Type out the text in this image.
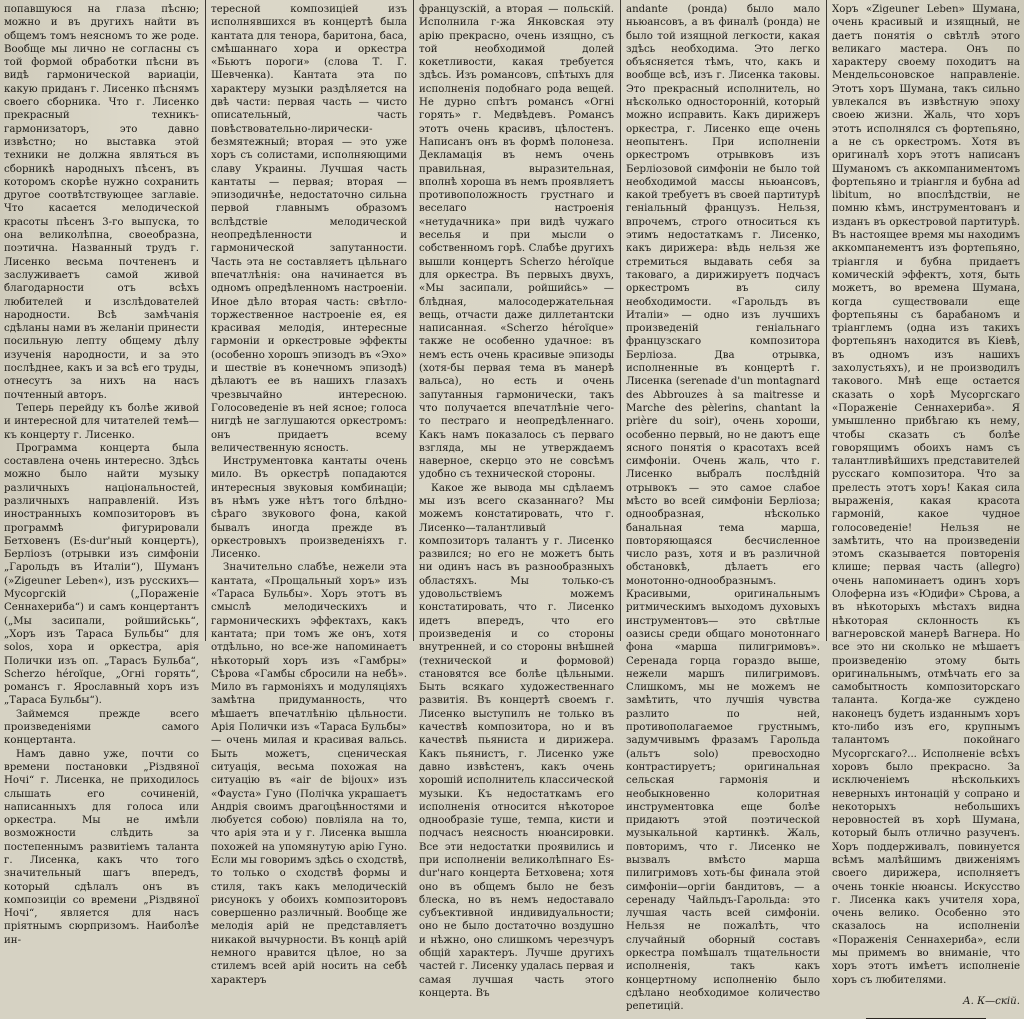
попавшуюся на глаза пѣсню; можно и въ другихъ найти въ общемъ томъ неясномъ то же роде. Вообще мы лично не согласны съ той формой обработки пѣсни въ видѣ гармонической вариаціи, какую приданъ г. Лисенко пѣснямъ своего сборника. Что г. Лисенко прекрасный техникъ-гармонизаторъ, это давно извѣстно; но выставка этой техники не должна являться въ сборникѣ народныхъ пѣсенъ, въ которомъ скорѣе нужно сохранить другое соотвѣтствующее заглавіе. Что касается мелодической красоты пѣсенъ 3-го выпуска, то она великолѣпна, своеобразна, поэтична. Названный трудъ г. Лисенко весьма почтененъ и заслуживаетъ самой живой благодарности отъ всѣхъ любителей и изслѣдователей народности. Всѣ замѣчанія сдѣланы нами въ желаніи принести посильную лепту общему дѣлу изученія народности, и за это послѣднее, какъ и за всѣ его труды, отнесутъ за нихъ на насъ почтенный авторъ.

Теперь перейду къ болѣе живой и интересной для читателей темѣ—къ концерту г. Лисенко.

Программа концерта была составлена очень интересно. Здѣсь можно было найти музыку различныхъ національностей, различныхъ направленій. Изъ иностранныхъ композиторовъ въ программѣ фигурировали Бетховенъ (Es-dur'ный концертъ), Берліозъ (отрывки изъ симфоніи „Гарольдъ въ Италіи“), Шуманъ (»Zigeuner Leben«), изъ русскихъ—Мусоргскій („Пораженіе Сеннахериба“) и самъ концертантъ („Мы засипали, ройшийськь“, „Хоръ изъ Тараса Бульбы“ для solos, хора и оркестра, арія Полички изъ оп. „Тарасъ Бульба“, Scherzo héroïque, „Огні горять“, романсъ г. Ярославный хоръ изъ „Тараса Бульбы“).

Займемся прежде всего произведеніями самого концертанта.

Намъ давно уже, почти со времени постановки „Різдвяної Ночі“ г. Лисенка, не приходилось слышать его сочиненій, написанныхъ для голоса или оркестра. Мы не имѣли возможности слѣдить за постепеннымъ развитіемъ таланта г. Лисенка, какъ что того значительный шагъ впередъ, который сдѣлалъ онъ въ композиціи со времени „Різдвяної Ночі“, является для насъ пріятнымъ сюрпризомъ. Наиболѣе ин-

тересной композиціей изъ исполнявшихся въ концертѣ была кантата для тенора, баритона, баса, смѣшаннаго хора и оркестра «Бьютъ пороги» (слова Т. Г. Шевченка). Кантата эта по характеру музыки раздѣляется на двѣ части: первая часть — чисто описательный, часть повѣствовательно-лирически-безмятежный; вторая — это уже хоръ съ солистами, исполняющими славу Украины. Лучшая часть кантаты — первая; вторая — эпизодичнѣе, недостаточно сильна первой главнымъ образомъ вслѣдствіе мелодической неопредѣленности и гармонической запутанности. Часть эта не составляетъ цѣльнаго впечатлѣнія: она начинается въ одномъ опредѣленномъ настроеніи. Иное дѣло вторая часть: свѣтло-торжественное настроеніе ея, ея красивая мелодія, интересные гармоніи и оркестровые эффекты (особенно хорошъ эпизодъ въ «Эхо» и шествіе въ конечномъ эпизодѣ) дѣлаютъ ее въ нашихъ глазахъ чрезвычайно интересною. Голосоведеніе въ ней ясное; голоса нигдѣ не заглушаются оркестромъ: онъ придаетъ всему величественную ясность.

Инструментовка кантаты очень мило. Въ оркестрѣ попадаются интересныя звуковыя комбинаціи; въ нѣмъ уже нѣтъ того блѣдно-сѣраго звукового фона, какой бывалъ иногда прежде въ оркестровыхъ произведеніяхъ г. Лисенко.

Значительно слабѣе, нежели эта кантата, «Прощальный хоръ» изъ «Тараса Бульбы». Хоръ этотъ въ смыслѣ мелодическихъ и гармоническихъ эффектахъ, какъ кантата; при томъ же онъ, хотя отдѣльно, но все-же напоминаетъ нѣкоторый хоръ изъ «Гамбры» Сѣрова «Гамбы сбросили на небѣ». Мило въ гармоніяхъ и модуляціяхъ замѣтна придуманность, что мѣшаетъ впечатлѣнію цѣльности. Арія Полички изъ «Тараса Бульбы» — очень милая и красивая вальсь. Быть можетъ, сценическая ситуація, весьма похожая на ситуацію въ «air de bijoux» изъ «Фауста» Гуно (Полічка украшаетъ Андрія своимъ драгоцѣнностями и любуется собою) повліяла на то, что арія эта и у г. Лисенка вышла похожей на упомянутую арію Гуно. Если мы говоримъ здѣсь о сходствѣ, то только о сходствѣ формы и стиля, такъ какъ мелодическій рисунокъ у обоихъ композиторовъ совершенно различный. Вообще же мелодія арій не представляетъ никакой вычурности. Въ концѣ арій немного нравится цѣлое, но за стилемъ всей арій носить на себѣ характеръ

французскій, а вторая — польскій. Исполнила г-жа Янковская эту арію прекрасно, очень изящно, съ той необходимой долей кокетливости, какая требуется здѣсь. Изъ романсовъ, спѣтыхъ для исполненія подобнаго рода вещей. Не дурно спѣтъ романсъ «Огні горять» г. Медвѣдевъ. Романсъ этотъ очень красивъ, цѣлостенъ. Написанъ онъ въ формѣ полонеза. Декламація въ немъ очень правильная, выразительная, вполнѣ хороша въ немъ проявляетъ противоположность грустнаго и веселаго настроенія «нетудачника» при видѣ чужаго веселья и при мысли о собственномъ горѣ. Слабѣе другихъ вышли концертъ Scherzo héroïque для оркестра. Въ первыхъ двухъ, «Мы засипали, ройшийсь» — блѣдная, малосодержательная вещь, отчасти даже диллетантски написанная. «Scherzo héroïque» также не особенно удачное: въ немъ есть очень красивые эпизоды (хотя-бы первая тема въ манерѣ вальса), но есть и очень запутанныя гармонически, такъ что получается впечатлѣніе чего-то пестраго и неопредѣленнаго. Какъ намъ показалось съ перваго взгляда, мы не утверждаемъ наверное, скерцо это не совсѣмъ удобно съ технической стороны.

Какое же вывода мы сдѣлаемъ мы изъ всего сказаннаго? Мы можемъ констатировать, что г. Лисенко—талантливый композиторъ талантъ у г. Лисенко развился; но его не можетъ быть ни одинъ насъ въ разнообразныхъ областяхъ. Мы только-съ удовольствіемъ можемъ констатировать, что г. Лисенко идетъ впередъ, что его произведенія и со стороны внутренней, и со стороны внѣшней (технической и формовой) становятся все болѣе цѣльными. Быть всякаго художественнаго развитія. Въ концертѣ своемъ г. Лисенко выступилъ не только въ качествѣ композитора, но и въ качествѣ пьяниста и дирижера. Какъ пьянистъ, г. Лисенко уже давно извѣстенъ, какъ очень хорошій исполнитель классической музыки. Къ недостаткамъ его исполненія относится нѣкоторое однообразіе туше, темпа, кисти и подчасъ неясность нюансировки. Все эти недостатки проявились и при исполненіи великолѣпнаго Es-dur'наго концерта Бетховена; хотя оно въ общемъ было не безъ блеска, но въ немъ недоставало субъективной индивидуальности; оно не было достаточно воздушно и нѣжно, оно слишкомъ черезчуръ общій характеръ. Лучше другихъ частей г. Лисенку удалась первая и самая лучшая часть этого концерта. Въ

andante (ронда) было мало ньюансовъ, а въ финалѣ (ронда) не было той изящной легкости, какая здѣсь необходима. Это легко объясняется тѣмъ, что, какъ и вообще всѣ, изъ г. Лисенка таковы. Это прекрасный исполнитель, но нѣсколько односторонній, который можно исправить. Какъ дирижеръ оркестра, г. Лисенко еще очень неопытенъ. При исполненіи оркестромъ отрывковъ изъ Берліозовой симфоніи не было той необходимой массы ньюансовъ, какой требуетъ въ своей партитурѣ геніальный французъ. Нельзя, впрочемъ, строго относиться къ этимъ недостаткамъ г. Лисенко, какъ дирижера: вѣдь нельзя же стремиться выдавать себя за таковаго, а дирижируетъ подчасъ оркестромъ въ силу необходимости. «Гарольдъ въ Италіи» — одно изъ лучшихъ произведеній геніальнаго французскаго композитора Берліоза. Два отрывка, исполненные въ концертѣ г. Лисенка (serenade d'un montagnard des Abbrouzes à sa maitresse и Marche des pèlerins, chantant la prière du soir), очень хороши, особенно первый, но не даютъ еще ясного понятія о красотахъ всей симфоніи. Очень жаль, что г. Лисенко выбралъ послѣдній отрывокъ — это самое слабое мѣсто во всей симфоніи Берліоза; однообразная, нѣсколько банальная тема марша, повторяющаяся бесчисленное число разъ, хотя и въ различной обстановкѣ, дѣлаетъ его монотонно-однообразнымъ. Красивыми, оригинальнымъ ритмическимъ выходомъ духовыхъ инструментовъ— это свѣтлые оазисы среди общаго монотоннаго фона «марша пилигримовъ». Серенада горца гораздо выше, нежели маршъ пилигримовъ. Слишкомъ, мы не можемъ не замѣтить, что лучшія чувства разлито по ней, противополагаемое грустнымъ, задумчивымъ фразамъ Гарольда (альтъ solo) превосходно контрастируетъ; оригинальная сельская гармонія и необыкновенно колоритная инструментовка еще болѣе придаютъ этой поэтической музыкальной картинкѣ. Жаль, повторимъ, что г. Лисенко не вызвалъ вмѣсто марша пилигримовъ хоть-бы финала этой симфоніи—оргіи бандитовъ, — а серенаду Чайльдъ-Гарольда: это лучшая часть всей симфоніи. Нельзя не пожалѣть, что случайный оборный составъ оркестра помѣшалъ тщательности исполненія, такъ какъ концертному исполненію было сдѣлано необходимое количество репетицій.

Хоръ «Zigeuner Leben» Шумана, очень красивый и изящный, не даетъ понятія о свѣтлѣ этого великаго мастера. Онъ по характеру своему походитъ на Мендельсоновское направленіе. Этотъ хоръ Шумана, такъ сильно увлекался въ извѣстную эпоху своею жизни. Жаль, что хоръ этотъ исполнялся съ фортепьяно, а не съ оркестромъ. Хотя въ оригиналѣ хоръ этотъ написанъ Шуманомъ съ аккомпаниментомъ фортепьяно и тріангля и бубна ad libitum, но впослѣдствіи, не помню кѣмъ, инструментованъ и изданъ въ оркестровой партитурѣ. Въ настоящее время мы находимъ аккомпанементъ изъ фортепьяно, тріангля и бубна придаетъ комическій эффектъ, хотя, быть можетъ, во времена Шумана, когда существовали еще фортепьяны съ барабаномъ и тріанглемъ (одна изъ такихъ фортепьянъ находится въ Кіевѣ, въ одномъ изъ нашихъ захолустьяхъ), и не производилъ такового. Мнѣ еще остается сказать о хорѣ Мусоргскаго «Пораженіе Сеннахериба». Я умышленно прибѣгаю къ нему, чтобы сказать съ болѣе говорящимъ обоихъ намъ съ талантливѣйшихъ представителей русскаго композитора. Что за прелесть этотъ хоръ! Какая сила выраженія, какая красота гармоній, какое чудное голосоведеніе! Нельзя не замѣтить, что на произведеніи этомъ сказывается повторенія клише; первая часть (allegro) очень напоминаетъ одинъ хоръ Олоферна изъ «Юдифи» Сѣрова, а въ нѣкоторыхъ мѣстахъ видна нѣкоторая склонность къ вагнеровской манерѣ Вагнера. Но все это ни сколько не мѣшаетъ произведенію этому быть оригинальнымъ, отмѣчать его за самобытность композиторскаго таланта. Когда-же суждено наконецъ будетъ изданнымъ хоръ кто-либо изъ его, крупнымъ талантомъ покойнаго Мусоргскаго?... Исполненіе всѣхъ хоровъ было прекрасно. За исключеніемъ нѣсколькихъ неверныхъ интонацій у сопрано и некоторыхъ небольшихъ неровностей въ хорѣ Шумана, который былъ отлично разученъ. Хоръ поддерживалъ, повинуется всѣмъ малѣйшимъ движеніямъ своего дирижера, исполняетъ очень тонкіе нюансы. Искусство г. Лисенка какъ учителя хора, очень велико. Особенно это сказалось на исполненіи «Пораженія Сеннахериба», если мы примемъ во вниманіе, что хоръ этотъ имѣетъ исполненіе хоръ съ любителями.

А. К—скій.
